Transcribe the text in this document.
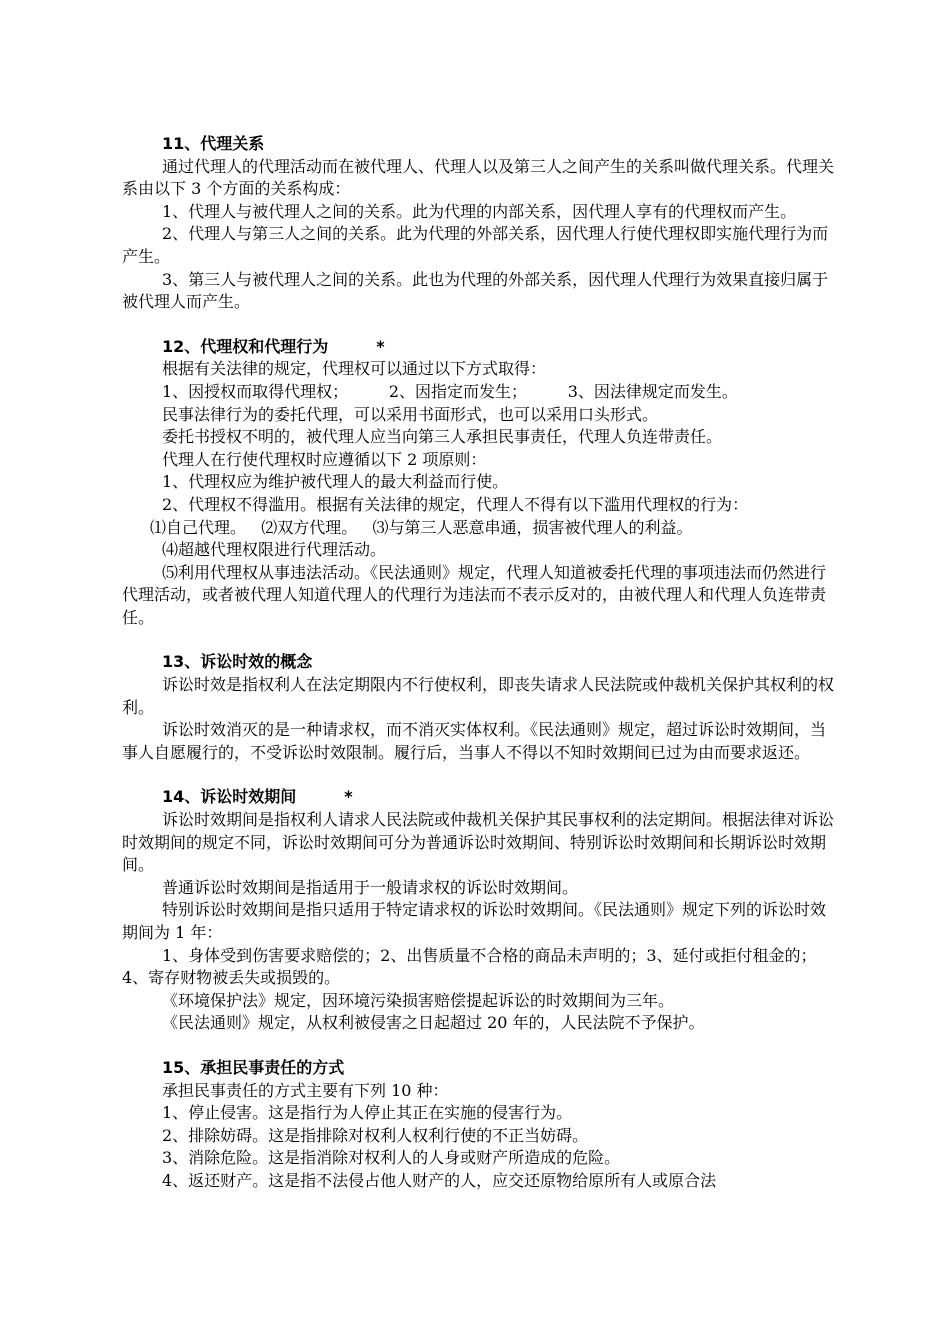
11、代理关系

通过代理人的代理活动而在被代理人、代理人以及第三人之间产生的关系叫做代理关系。代理关系由以下 3 个方面的关系构成：

1、代理人与被代理人之间的关系。此为代理的内部关系，因代理人享有的代理权而产生。

2、代理人与第三人之间的关系。此为代理的外部关系，因代理人行使代理权即实施代理行为而产生。

3、第三人与被代理人之间的关系。此也为代理的外部关系，因代理人代理行为效果直接归属于被代理人而产生。

12、代理权和代理行为	*

根据有关法律的规定，代理权可以通过以下方式取得：

1、因授权而取得代理权；        2、因指定而发生；        3、因法律规定而发生。

民事法律行为的委托代理，可以采用书面形式，也可以采用口头形式。

委托书授权不明的，被代理人应当向第三人承担民事责任，代理人负连带责任。

代理人在行使代理权时应遵循以下 2 项原则：

1、代理权应为维护被代理人的最大利益而行使。

2、代理权不得滥用。根据有关法律的规定，代理人不得有以下滥用代理权的行为：

⑴自己代理。   ⑵双方代理。   ⑶与第三人恶意串通，损害被代理人的利益。

⑷超越代理权限进行代理活动。

⑸利用代理权从事违法活动。《民法通则》规定，代理人知道被委托代理的事项违法而仍然进行代理活动，或者被代理人知道代理人的代理行为违法而不表示反对的，由被代理人和代理人负连带责任。

13、诉讼时效的概念

诉讼时效是指权利人在法定期限内不行使权利，即丧失请求人民法院或仲裁机关保护其权利的权利。

诉讼时效消灭的是一种请求权，而不消灭实体权利。《民法通则》规定，超过诉讼时效期间，当事人自愿履行的，不受诉讼时效限制。履行后，当事人不得以不知时效期间已过为由而要求返还。

14、诉讼时效期间	*

诉讼时效期间是指权利人请求人民法院或仲裁机关保护其民事权利的法定期间。根据法律对诉讼时效期间的规定不同，诉讼时效期间可分为普通诉讼时效期间、特别诉讼时效期间和长期诉讼时效期间。

普通诉讼时效期间是指适用于一般请求权的诉讼时效期间。

特别诉讼时效期间是指只适用于特定请求权的诉讼时效期间。《民法通则》规定下列的诉讼时效期间为 1 年：

1、身体受到伤害要求赔偿的；2、出售质量不合格的商品未声明的；3、延付或拒付租金的；4、寄存财物被丢失或损毁的。

《环境保护法》规定，因环境污染损害赔偿提起诉讼的时效期间为三年。

《民法通则》规定，从权利被侵害之日起超过 20 年的，人民法院不予保护。

15、承担民事责任的方式

承担民事责任的方式主要有下列 10 种：

1、停止侵害。这是指行为人停止其正在实施的侵害行为。

2、排除妨碍。这是指排除对权利人权利行使的不正当妨碍。

3、消除危险。这是指消除对权利人的人身或财产所造成的危险。

4、返还财产。这是指不法侵占他人财产的人，应交还原物给原所有人或原合法
